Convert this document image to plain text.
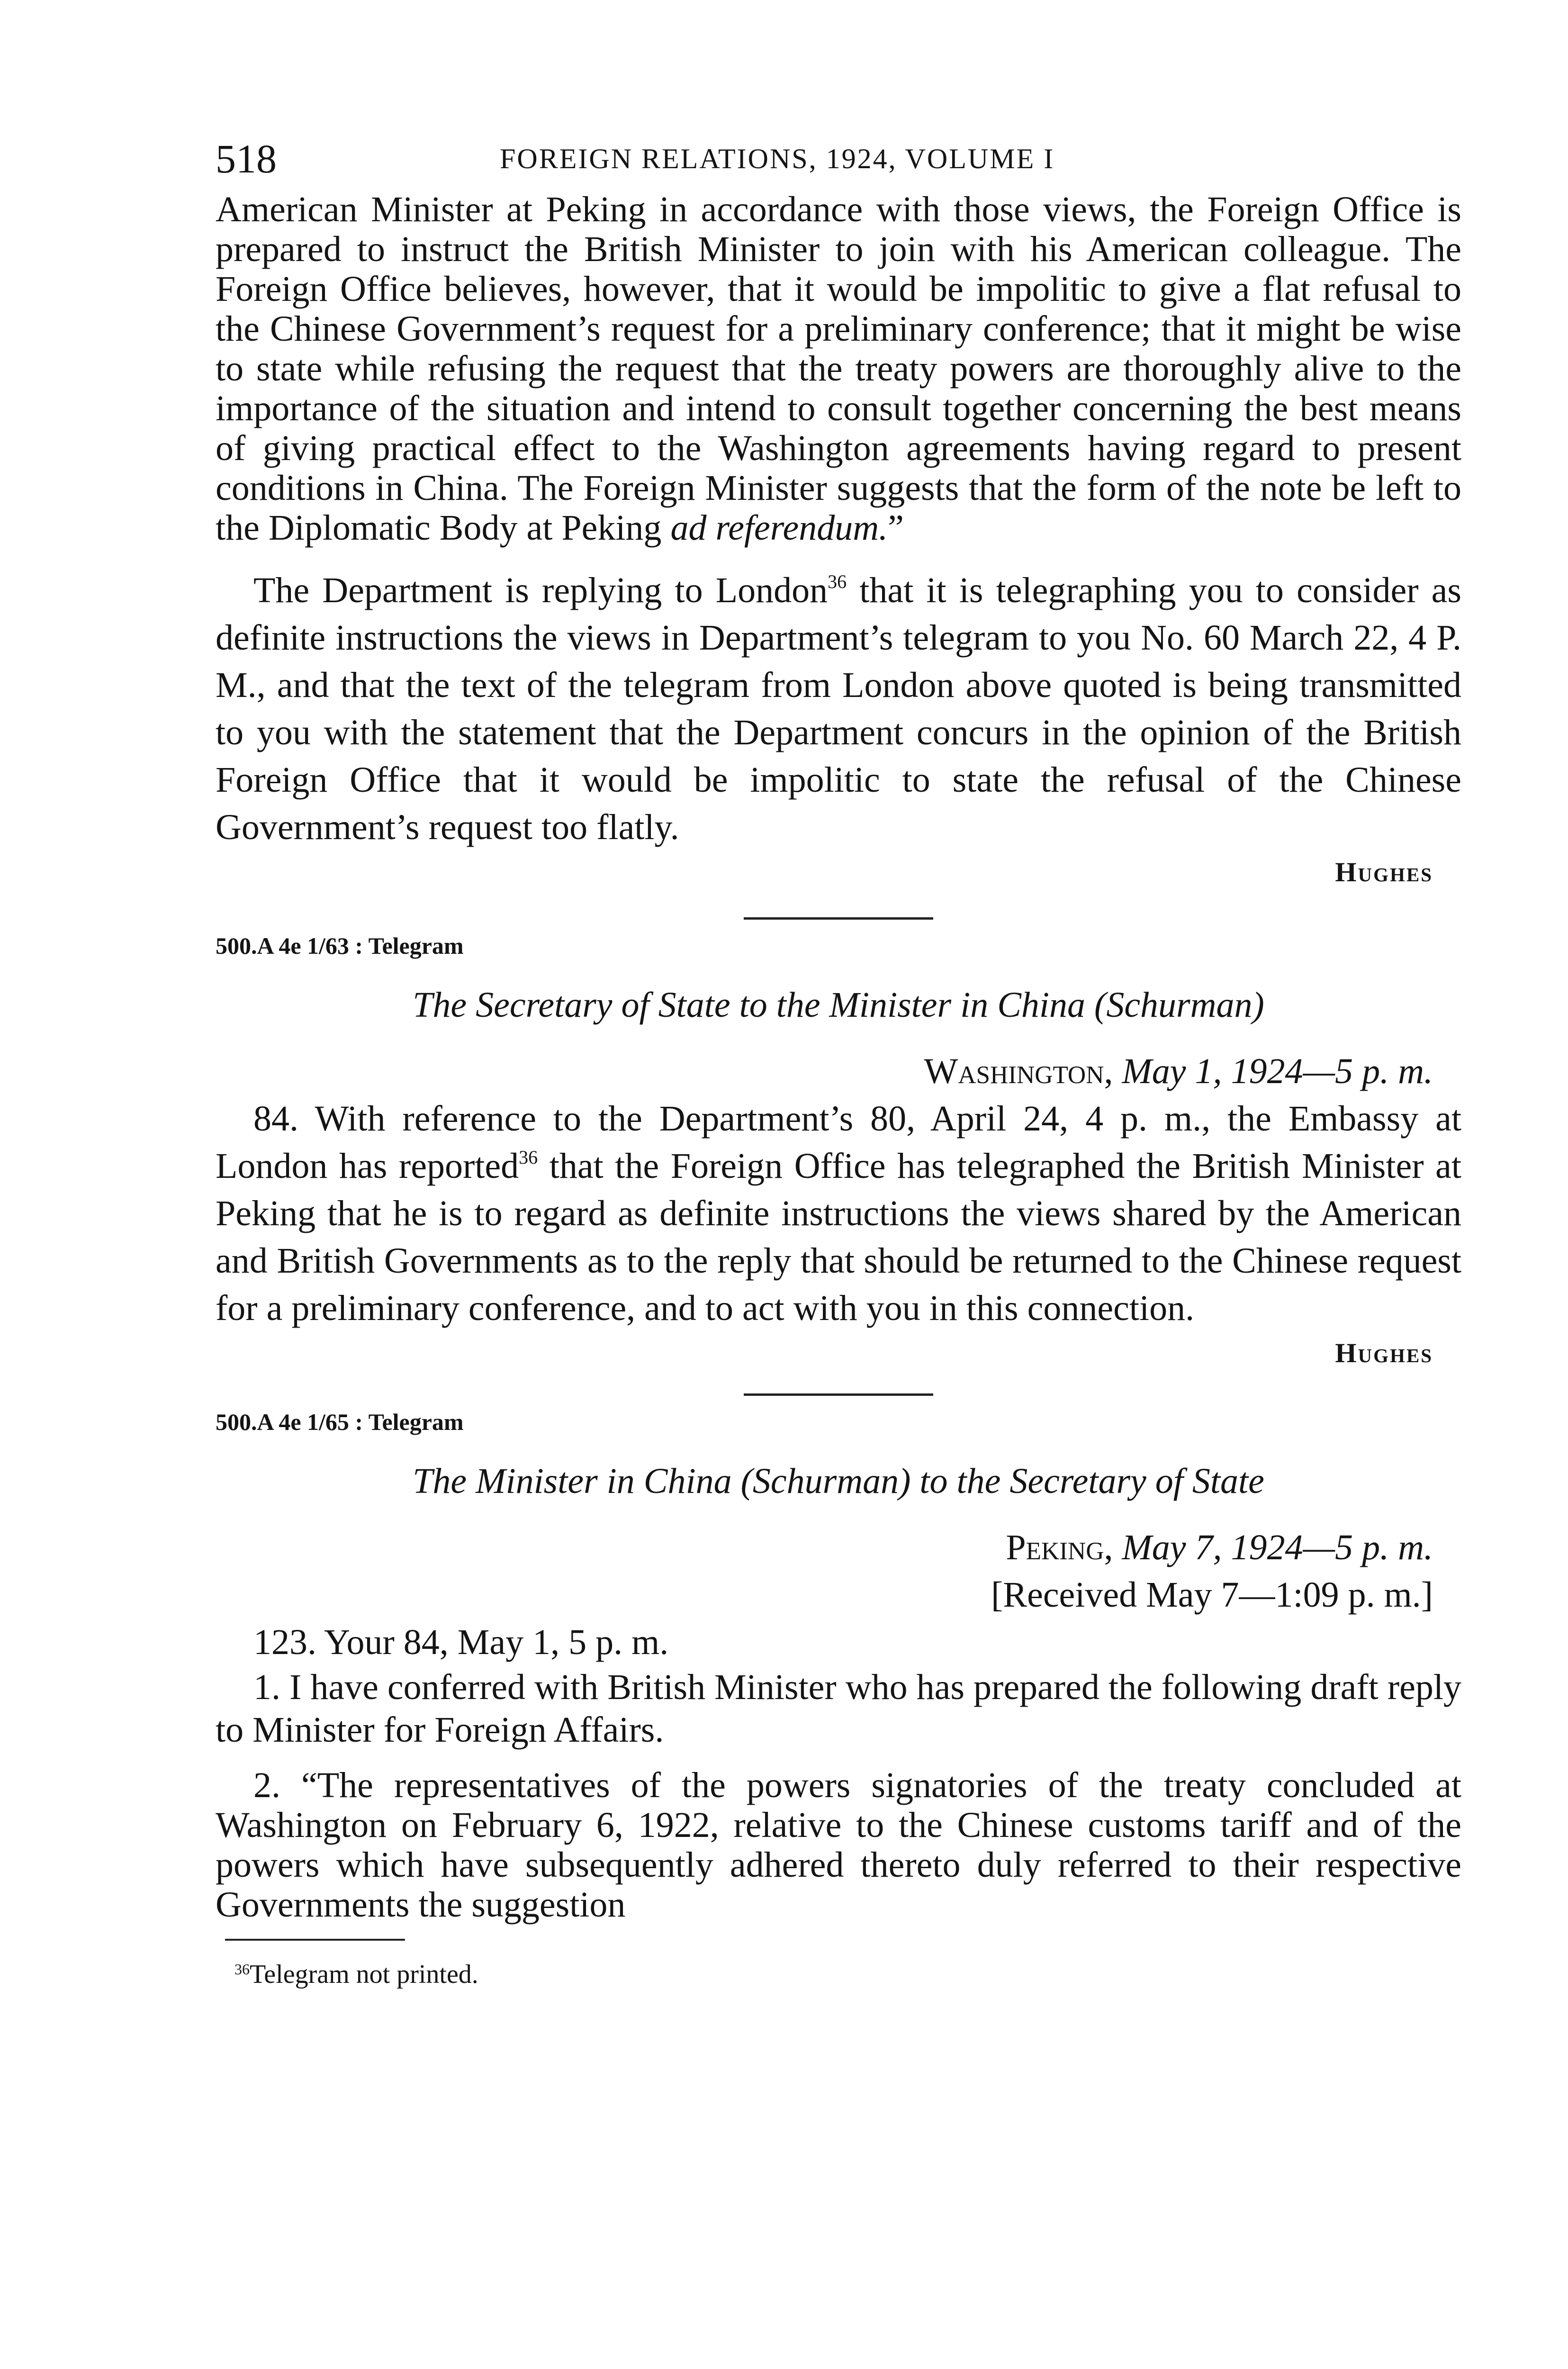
518	FOREIGN RELATIONS, 1924, VOLUME I

American Minister at Peking in accordance with those views, the Foreign Office is prepared to instruct the British Minister to join with his American colleague. The Foreign Office believes, however, that it would be impolitic to give a flat refusal to the Chinese Government’s request for a preliminary conference; that it might be wise to state while refusing the request that the treaty powers are thoroughly alive to the importance of the situation and intend to consult together concerning the best means of giving practical effect to the Washington agreements having regard to present conditions in China. The Foreign Minister suggests that the form of the note be left to the Diplomatic Body at Peking ad referendum.”

The Department is replying to London$^{36}$ that it is telegraphing you to consider as definite instructions the views in Department’s telegram to you No. 60 March 22, 4 P. M., and that the text of the telegram from London above quoted is being transmitted to you with the statement that the Department concurs in the opinion of the British Foreign Office that it would be impolitic to state the refusal of the Chinese Government’s request too flatly.

Hughes
500.A 4e 1/63 : Telegram
The Secretary of State to the Minister in China (Schurman)
Washington, May 1, 1924—5 p. m.

84. With reference to the Department’s 80, April 24, 4 p. m., the Embassy at London has reported$^{36}$ that the Foreign Office has telegraphed the British Minister at Peking that he is to regard as definite instructions the views shared by the American and British Governments as to the reply that should be returned to the Chinese request for a preliminary conference, and to act with you in this connection.

Hughes
500.A 4e 1/65 : Telegram
The Minister in China (Schurman) to the Secretary of State
Peking, May 7, 1924—5 p. m.
[Received May 7—1:09 p. m.]

123. Your 84, May 1, 5 p. m.

1. I have conferred with British Minister who has prepared the following draft reply to Minister for Foreign Affairs.

2. “The representatives of the powers signatories of the treaty concluded at Washington on February 6, 1922, relative to the Chinese customs tariff and of the powers which have subsequently adhered thereto duly referred to their respective Governments the suggestion

$^{36}$Telegram not printed.
